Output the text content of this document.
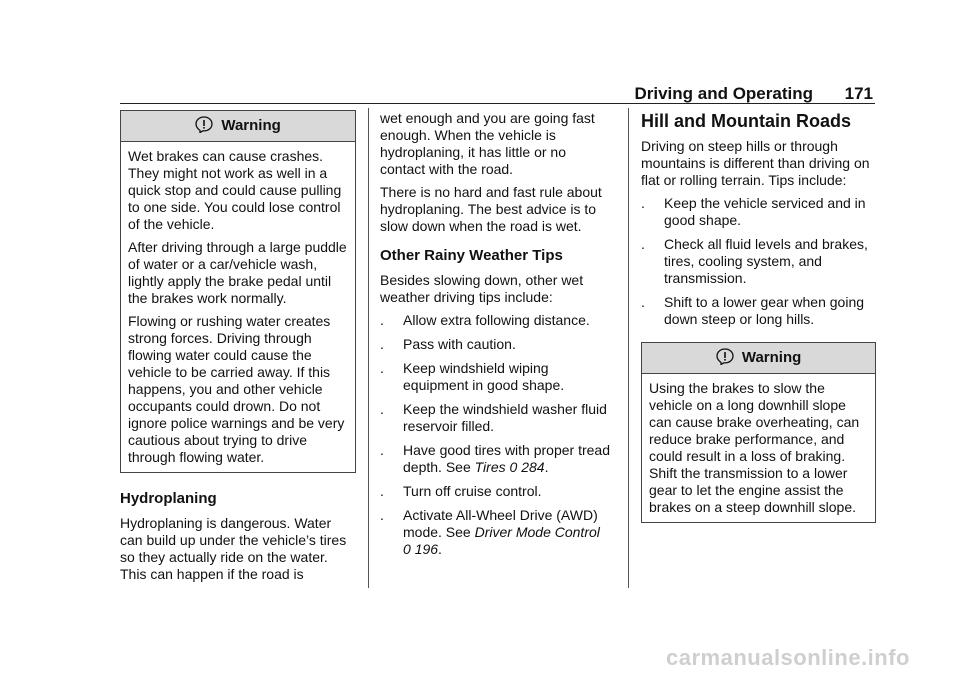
Driving and Operating 171
Warning

Wet brakes can cause crashes. They might not work as well in a quick stop and could cause pulling to one side. You could lose control of the vehicle.

After driving through a large puddle of water or a car/vehicle wash, lightly apply the brake pedal until the brakes work normally.

Flowing or rushing water creates strong forces. Driving through flowing water could cause the vehicle to be carried away. If this happens, you and other vehicle occupants could drown. Do not ignore police warnings and be very cautious about trying to drive through flowing water.

Hydroplaning

Hydroplaning is dangerous. Water can build up under the vehicle’s tires so they actually ride on the water. This can happen if the road is

wet enough and you are going fast enough. When the vehicle is hydroplaning, it has little or no contact with the road.

There is no hard and fast rule about hydroplaning. The best advice is to slow down when the road is wet.

Other Rainy Weather Tips

Besides slowing down, other wet weather driving tips include:

. Allow extra following distance.
. Pass with caution.
. Keep windshield wiping equipment in good shape.
. Keep the windshield washer fluid reservoir filled.
. Have good tires with proper tread depth. See Tires 0 284.
. Turn off cruise control.
. Activate All-Wheel Drive (AWD) mode. See Driver Mode Control
0 196.
Hill and Mountain Roads

Driving on steep hills or through mountains is different than driving on flat or rolling terrain. Tips include:

. Keep the vehicle serviced and in good shape.
. Check all fluid levels and brakes, tires, cooling system, and transmission.
. Shift to a lower gear when going down steep or long hills.
Warning

Using the brakes to slow the vehicle on a long downhill slope can cause brake overheating, can reduce brake performance, and could result in a loss of braking. Shift the transmission to a lower gear to let the engine assist the brakes on a steep downhill slope.

carmanualsonline.info
